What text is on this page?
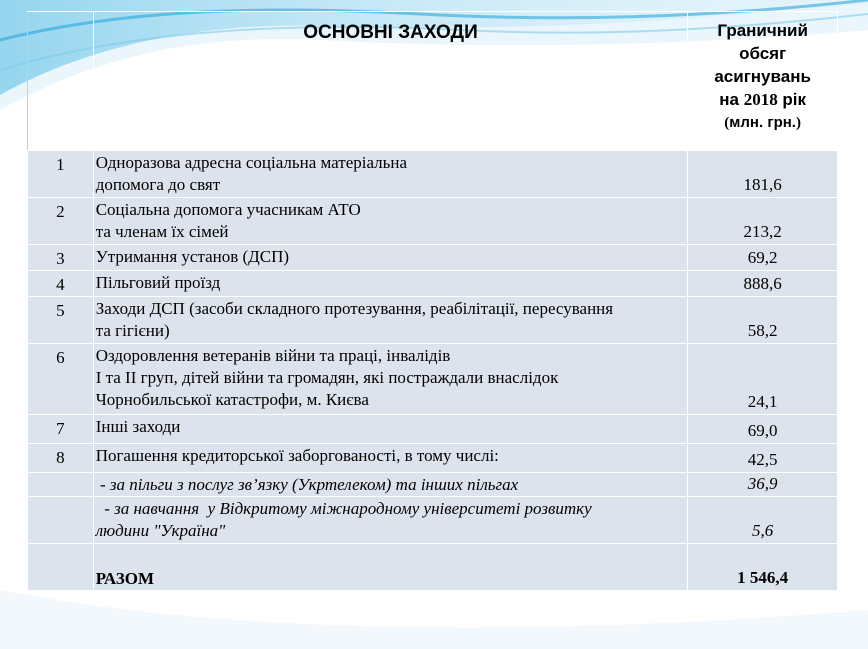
	ОСНОВНІ ЗАХОДИ	Граничний
обсяг
асигнувань
на 2018 рік
(млн. грн.)

1	Одноразова адресна соціальна матеріальна
допомога до свят	181,6
2	Соціальна допомога учасникам АТО
та членам їх сімей	213,2
3	Утримання установ (ДСП)	69,2
4	Пільговий проїзд	888,6
5	Заходи ДСП (засоби складного протезування, реабілітації, пересування
та гігієни)	58,2
6	Оздоровлення ветеранів війни та праці, інвалідів
І та ІІ груп, дітей війни та громадян, які постраждали внаслідок
Чорнобильської катастрофи, м. Києва	24,1
7	Інші заходи	69,0
8	Погашення кредиторської заборгованості, в тому числі:	42,5

	- за пільги з послуг зв’язку (Укртелеком) та інших пільгах	36,9

	- за навчання  у Відкритому міжнародному університеті розвитку
людини "Україна"	5,6

	РАЗОМ	1 546,4
